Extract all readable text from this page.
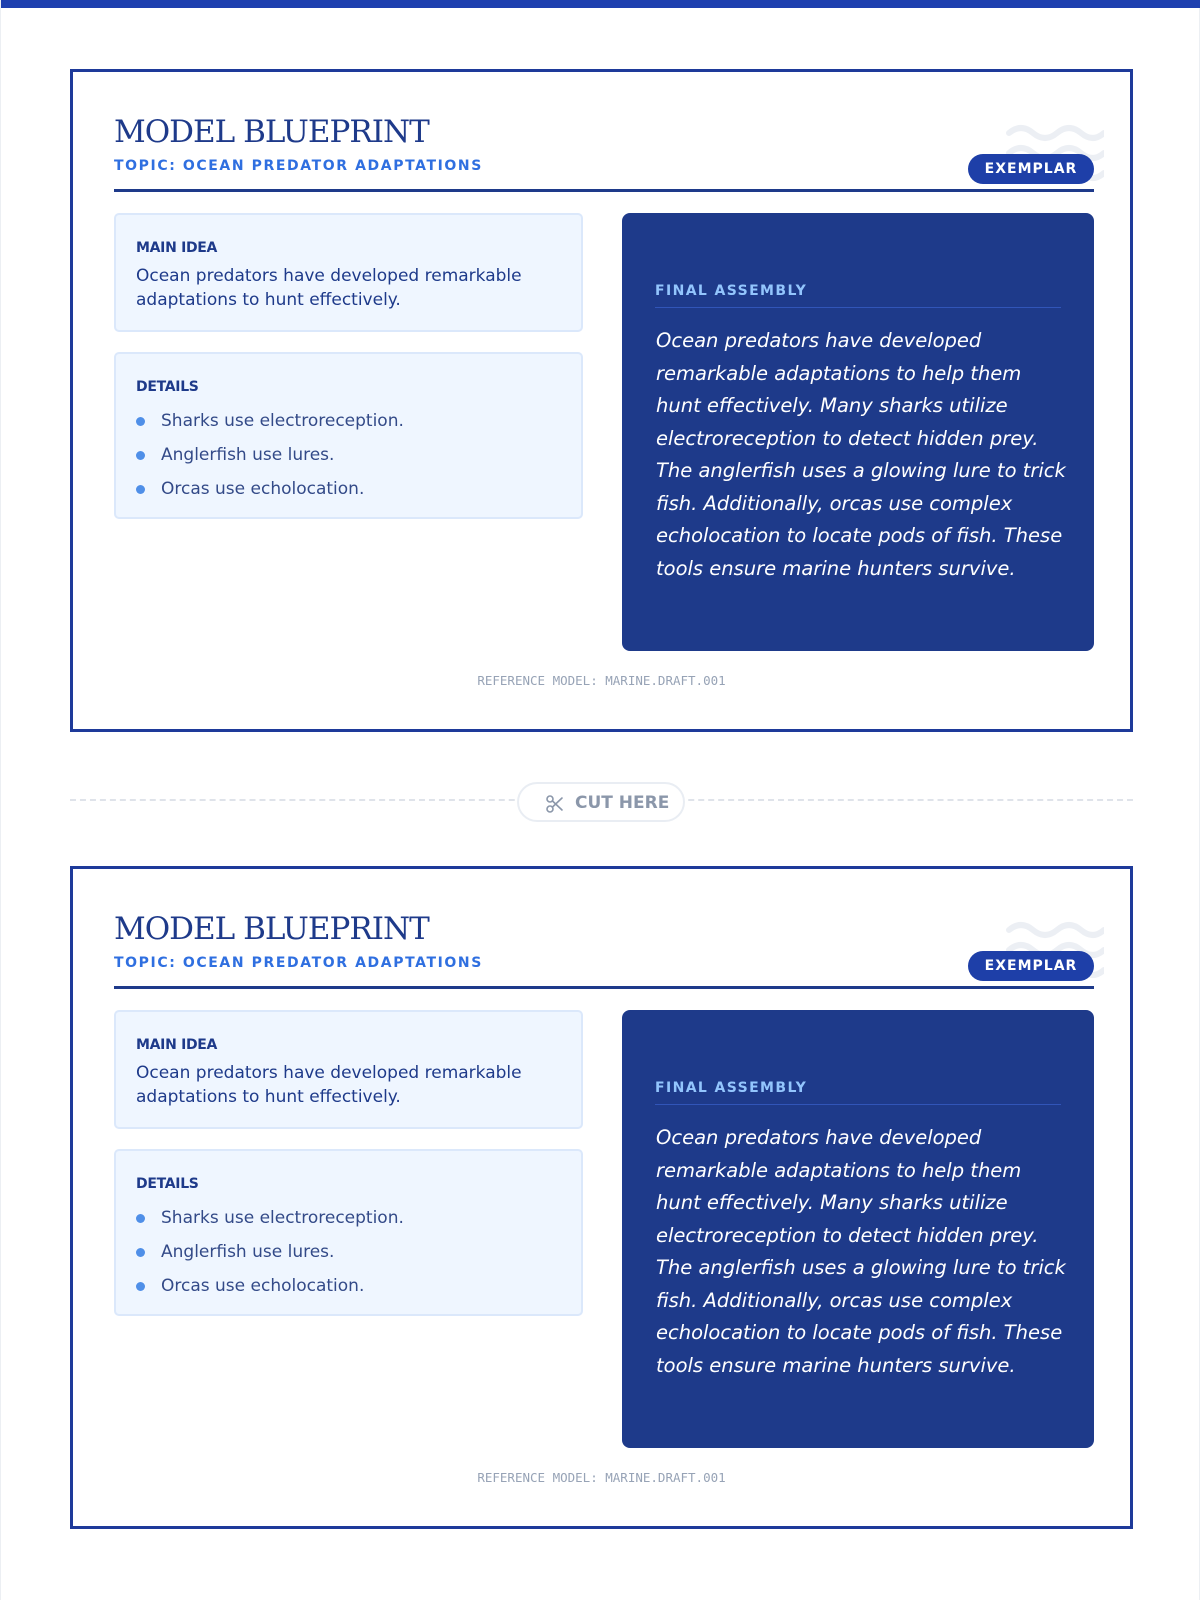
MODEL BLUEPRINT
TOPIC: OCEAN PREDATOR ADAPTATIONS	EXEMPLAR
MAIN IDEA
Ocean predators have developed remarkable adaptations to hunt effectively.
DETAILS
Sharks use electroreception.
Anglerfish use lures.
Orcas use echolocation.
FINAL ASSEMBLY
Ocean predators have developed remarkable adaptations to help them hunt effectively. Many sharks utilize electroreception to detect hidden prey. The anglerfish uses a glowing lure to trick fish. Additionally, orcas use complex echolocation to locate pods of fish. These tools ensure marine hunters survive.
REFERENCE MODEL: MARINE.DRAFT.001
CUT HERE
MODEL BLUEPRINT
TOPIC: OCEAN PREDATOR ADAPTATIONS	EXEMPLAR
MAIN IDEA
Ocean predators have developed remarkable adaptations to hunt effectively.
DETAILS
Sharks use electroreception.
Anglerfish use lures.
Orcas use echolocation.
FINAL ASSEMBLY
Ocean predators have developed remarkable adaptations to help them hunt effectively. Many sharks utilize electroreception to detect hidden prey. The anglerfish uses a glowing lure to trick fish. Additionally, orcas use complex echolocation to locate pods of fish. These tools ensure marine hunters survive.
REFERENCE MODEL: MARINE.DRAFT.001
